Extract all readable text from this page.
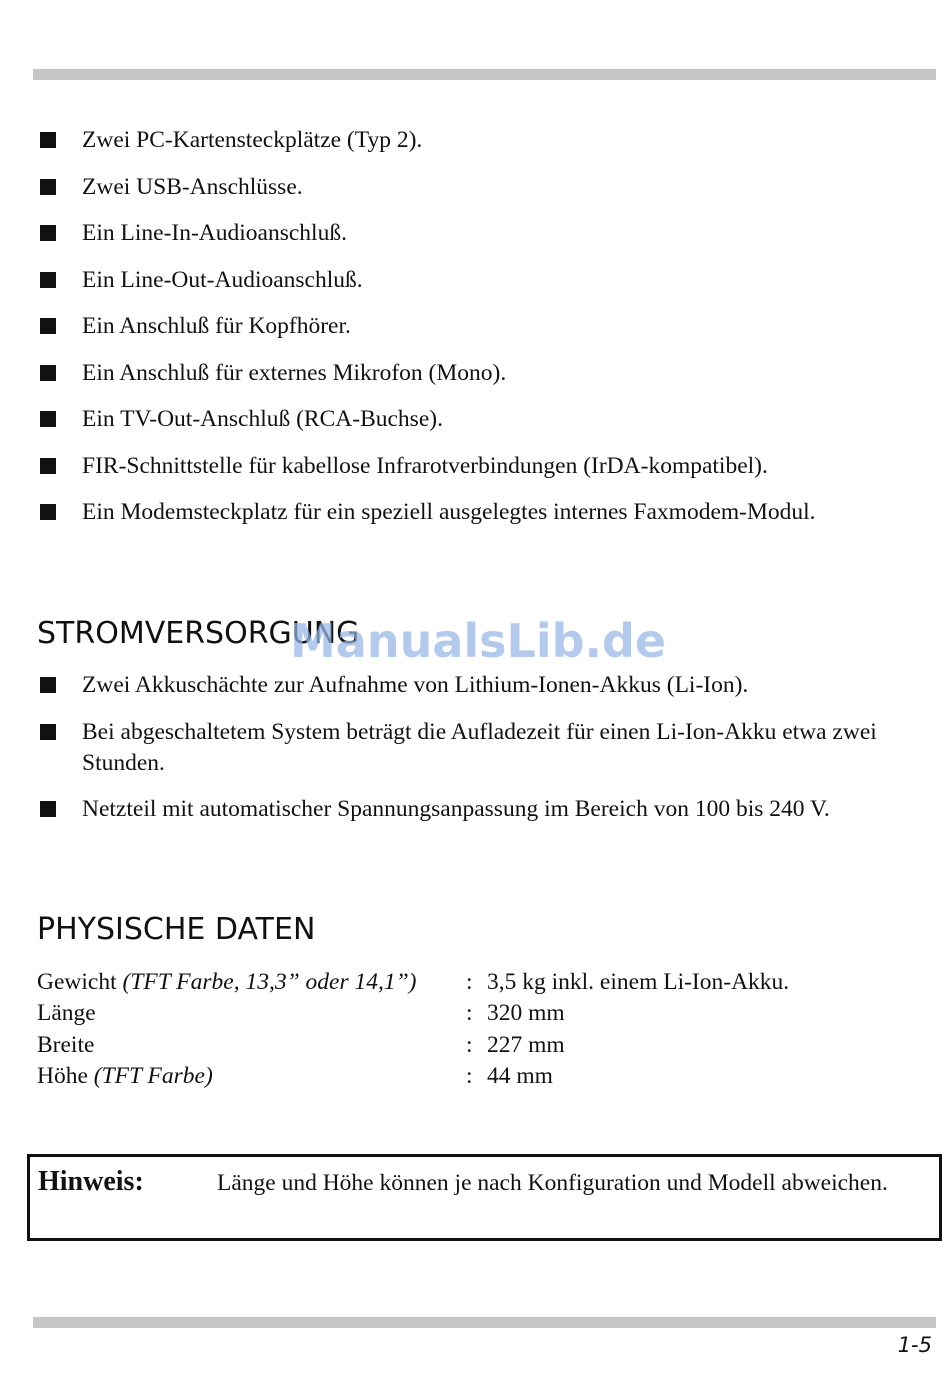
Zwei PC-Kartensteckplätze (Typ 2).
Zwei USB-Anschlüsse.
Ein Line-In-Audioanschluß.
Ein Line-Out-Audioanschluß.
Ein Anschluß für Kopfhörer.
Ein Anschluß für externes Mikrofon (Mono).
Ein TV-Out-Anschluß (RCA-Buchse).
FIR-Schnittstelle für kabellose Infrarotverbindungen (IrDA-kompatibel).
Ein Modemsteckplatz für ein speziell ausgelegtes internes Faxmodem-Modul.
STROMVERSORGUNG
ManualsLib.de
Zwei Akkuschächte zur Aufnahme von Lithium-Ionen-Akkus (Li-Ion).
Bei abgeschaltetem System beträgt die Aufladezeit für einen Li-Ion-Akku etwa zwei Stunden.
Netzteil mit automatischer Spannungsanpassung im Bereich von 100 bis 240 V.
PHYSISCHE DATEN
Gewicht (TFT Farbe, 13,3” oder 14,1”) : 3,5 kg inkl. einem Li-Ion-Akku.
Länge	: 320 mm
Breite	: 227 mm
Höhe (TFT Farbe)	: 44 mm
Hinweis:	Länge und Höhe können je nach Konfiguration und Modell abweichen.
1-5
